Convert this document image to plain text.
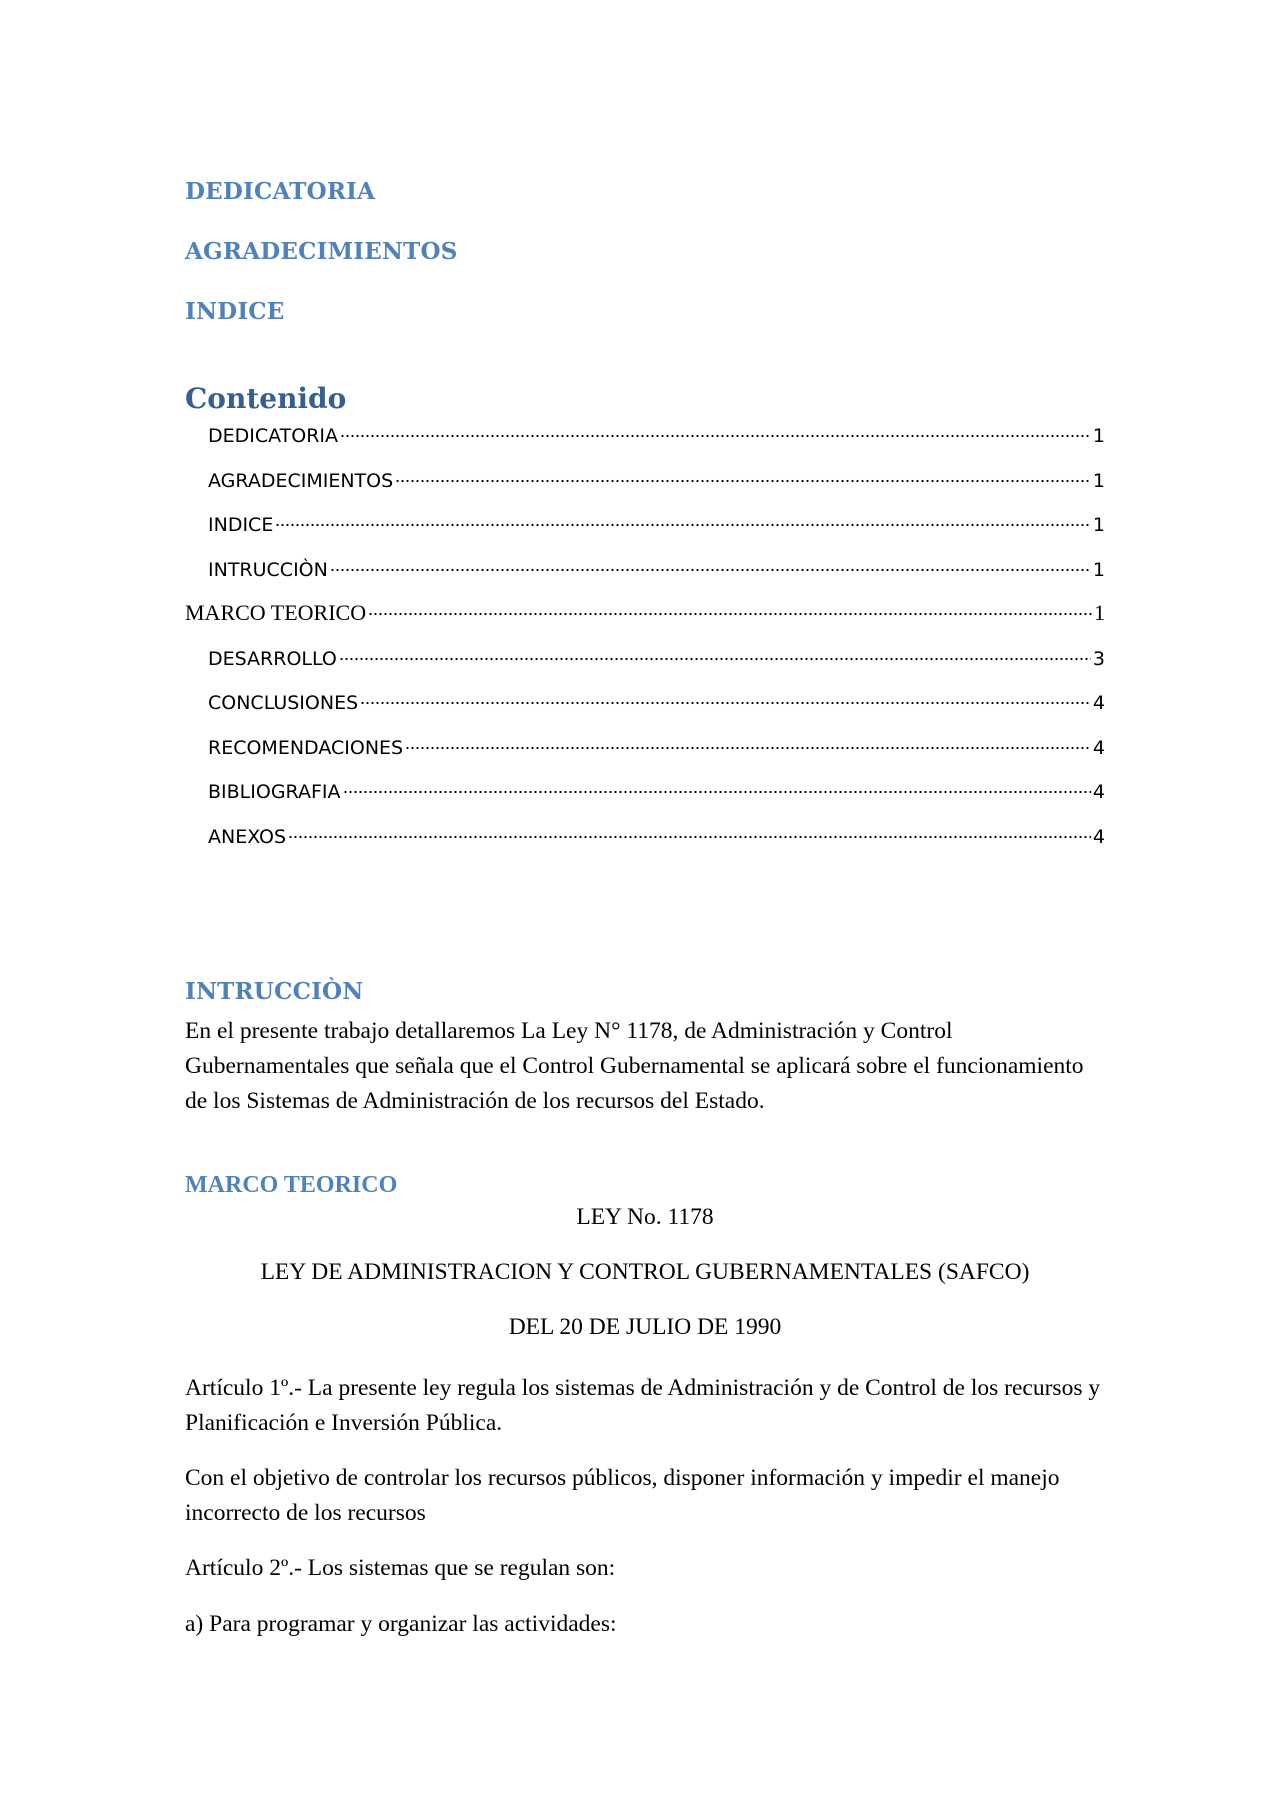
DEDICATORIA
AGRADECIMIENTOS
INDICE
Contenido
DEDICATORIA	1
AGRADECIMIENTOS	1
INDICE	1
INTRUCCIÒN	1
MARCO TEORICO	1
DESARROLLO	3
CONCLUSIONES	4
RECOMENDACIONES	4
BIBLIOGRAFIA	4
ANEXOS	4
INTRUCCIÒN
En el presente trabajo detallaremos La Ley N° 1178, de Administración y Control Gubernamentales que señala que el Control Gubernamental se aplicará sobre el funcionamiento de los Sistemas de Administración de los recursos del Estado.
MARCO TEORICO
LEY No. 1178
LEY DE ADMINISTRACION Y CONTROL GUBERNAMENTALES (SAFCO)
DEL 20 DE JULIO DE 1990
Artículo 1º.- La presente ley regula los sistemas de Administración y de Control de los recursos y Planificación e Inversión Pública.
Con el objetivo de controlar los recursos públicos, disponer información y impedir el manejo incorrecto de los recursos
Artículo 2º.- Los sistemas que se regulan son:
a) Para programar y organizar las actividades:
